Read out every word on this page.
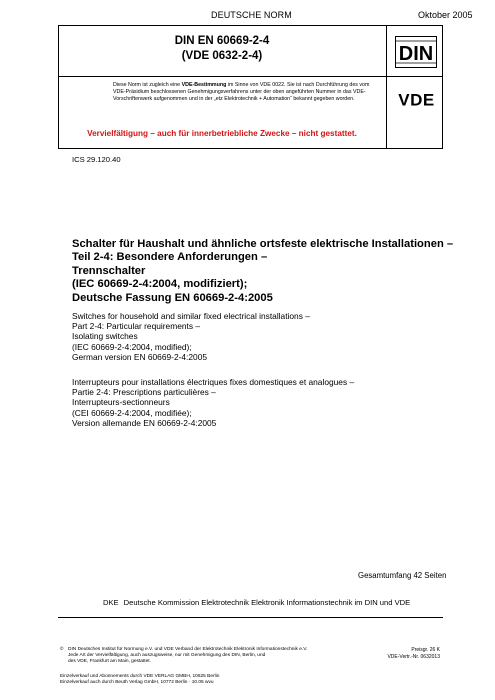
DEUTSCHE NORM	Oktober 2005
DIN EN 60669-2-4
(VDE 0632-2-4)	DIN
VDE
Diese Norm ist zugleich eine VDE-Bestimmung im Sinne von VDE 0022. Sie ist nach Durchführung des vom VDE-Präsidium beschlossenen Genehmigungsverfahrens unter der oben angeführten Nummer in das VDE-Vorschriftenwerk aufgenommen und in der „etz Elektrotechnik + Automation“ bekannt gegeben worden.
Vervielfältigung – auch für innerbetriebliche Zwecke – nicht gestattet.
ICS 29.120.40
Schalter für Haushalt und ähnliche ortsfeste elektrische Installationen –
Teil 2-4: Besondere Anforderungen –
Trennschalter
(IEC 60669-2-4:2004, modifiziert);
Deutsche Fassung EN 60669-2-4:2005
Switches for household and similar fixed electrical installations –
Part 2-4: Particular requirements –
Isolating switches
(IEC 60669-2-4:2004, modified);
German version EN 60669-2-4:2005
Interrupteurs pour installations électriques fixes domestiques et analogues –
Partie 2-4: Prescriptions particulières –
Interrupteurs-sectionneurs
(CEI 60669-2-4:2004, modifiée);
Version allemande EN 60669-2-4:2005
Gesamtumfang 42 Seiten
DKE Deutsche Kommission Elektrotechnik Elektronik Informationstechnik im DIN und VDE
© DIN Deutsches Institut für Normung e.V. und VDE Verband der Elektrotechnik Elektronik Informationstechnik e.V.
Jede Art der Vervielfältigung, auch auszugsweise, nur mit Genehmigung des DIN, Berlin, und
des VDE, Frankfurt am Main, gestattet.
Einzelverkauf und Abonnements durch VDE VERLAG GMBH, 10625 Berlin
Einzelverkauf auch durch Beuth Verlag GmbH, 10772 Berlin · 10.05 wvu
Preisgr. 26 K
VDE-Vertr.-Nr. 0632013
